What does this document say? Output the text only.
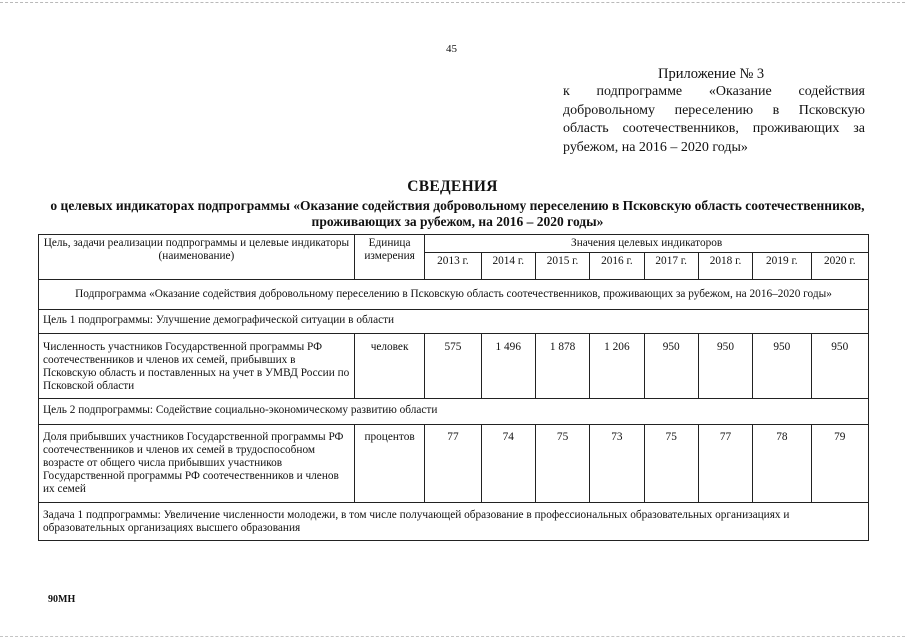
45
Приложение № 3
к подпрограмме «Оказание содействия добровольному переселению в Псковскую область соотечественников, проживающих за рубежом, на 2016 – 2020 годы»
СВЕДЕНИЯ
о целевых индикаторах подпрограммы «Оказание содействия добровольному переселению в Псковскую область соотечественников, проживающих за рубежом, на 2016 – 2020 годы»
Цель, задачи реализации подпрограммы и целевые индикаторы (наименование)	Единица измерения	Значения целевых индикаторов							
		2013 г.	2014 г.	2015 г.	2016 г.	2017 г.	2018 г.	2019 г.	2020 г.
Подпрограмма «Оказание содействия добровольному переселению в Псковскую область соотечественников, проживающих за рубежом, на 2016–2020 годы»									
Цель 1 подпрограммы: Улучшение демографической ситуации в области									
Численность участников Государственной программы РФ соотечественников и членов их семей, прибывших в Псковскую область и поставленных на учет в УМВД России по Псковской области	человек	575	1 496	1 878	1 206	950	950	950	950
Цель 2 подпрограммы: Содействие социально-экономическому развитию области									
Доля прибывших участников Государственной программы РФ соотечественников и членов их семей в трудоспособном возрасте от общего числа прибывших участников Государственной программы РФ соотечественников и членов их семей	процентов	77	74	75	73	75	77	78	79
Задача 1 подпрограммы: Увеличение численности молодежи, в том числе получающей образование в профессиональных образовательных организациях и образовательных организациях высшего образования									
90МН
